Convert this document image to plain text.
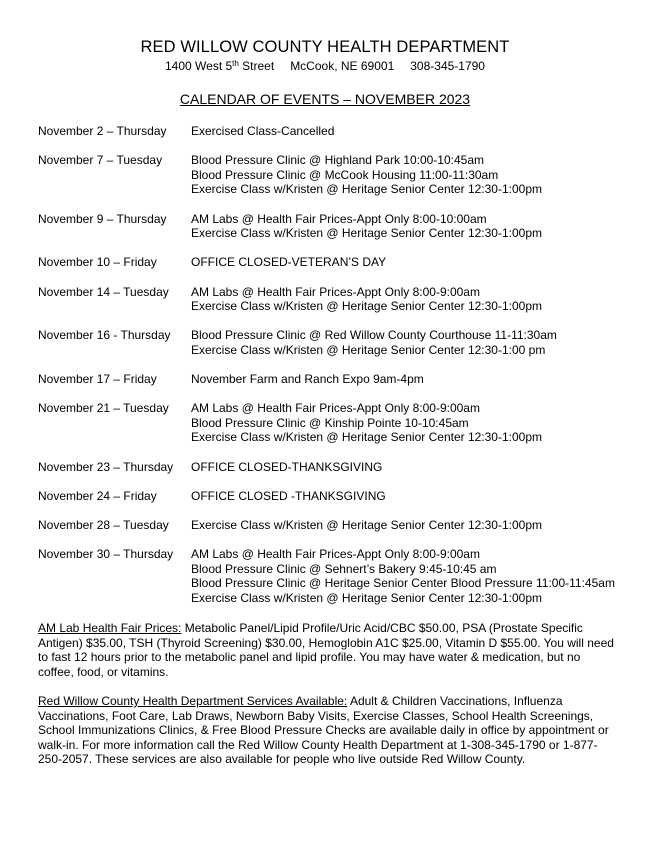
RED WILLOW COUNTY HEALTH DEPARTMENT
1400 West 5th Street McCook, NE 69001 308-345-1790
CALENDAR OF EVENTS – NOVEMBER 2023
November 2 – Thursday	Exercised Class-Cancelled
November 7 – Tuesday	Blood Pressure Clinic @ Highland Park 10:00-10:45am
Blood Pressure Clinic @ McCook Housing 11:00-11:30am
Exercise Class w/Kristen @ Heritage Senior Center 12:30-1:00pm
November 9 – Thursday	AM Labs @ Health Fair Prices-Appt Only 8:00-10:00am
Exercise Class w/Kristen @ Heritage Senior Center 12:30-1:00pm
November 10 – Friday	OFFICE CLOSED-VETERAN’S DAY
November 14 – Tuesday	AM Labs @ Health Fair Prices-Appt Only 8:00-9:00am
Exercise Class w/Kristen @ Heritage Senior Center 12:30-1:00pm
November 16 - Thursday	Blood Pressure Clinic @ Red Willow County Courthouse 11-11:30am
Exercise Class w/Kristen @ Heritage Senior Center 12:30-1:00 pm
November 17 – Friday	November Farm and Ranch Expo 9am-4pm
November 21 – Tuesday	AM Labs @ Health Fair Prices-Appt Only 8:00-9:00am
Blood Pressure Clinic @ Kinship Pointe 10-10:45am
Exercise Class w/Kristen @ Heritage Senior Center 12:30-1:00pm
November 23 – Thursday	OFFICE CLOSED-THANKSGIVING
November 24 – Friday	OFFICE CLOSED -THANKSGIVING
November 28 – Tuesday	Exercise Class w/Kristen @ Heritage Senior Center 12:30-1:00pm
November 30 – Thursday	AM Labs @ Health Fair Prices-Appt Only 8:00-9:00am
Blood Pressure Clinic @ Sehnert’s Bakery 9:45-10:45 am
Blood Pressure Clinic @ Heritage Senior Center Blood Pressure 11:00-11:45am
Exercise Class w/Kristen @ Heritage Senior Center 12:30-1:00pm

AM Lab Health Fair Prices: Metabolic Panel/Lipid Profile/Uric Acid/CBC $50.00, PSA (Prostate Specific Antigen) $35.00, TSH (Thyroid Screening) $30.00, Hemoglobin A1C $25.00, Vitamin D $55.00. You will need to fast 12 hours prior to the metabolic panel and lipid profile. You may have water & medication, but no coffee, food, or vitamins.

Red Willow County Health Department Services Available: Adult & Children Vaccinations, Influenza Vaccinations, Foot Care, Lab Draws, Newborn Baby Visits, Exercise Classes, School Health Screenings, School Immunizations Clinics, & Free Blood Pressure Checks are available daily in office by appointment or walk-in. For more information call the Red Willow County Health Department at 1-308-345-1790 or 1-877-250-2057. These services are also available for people who live outside Red Willow County.
